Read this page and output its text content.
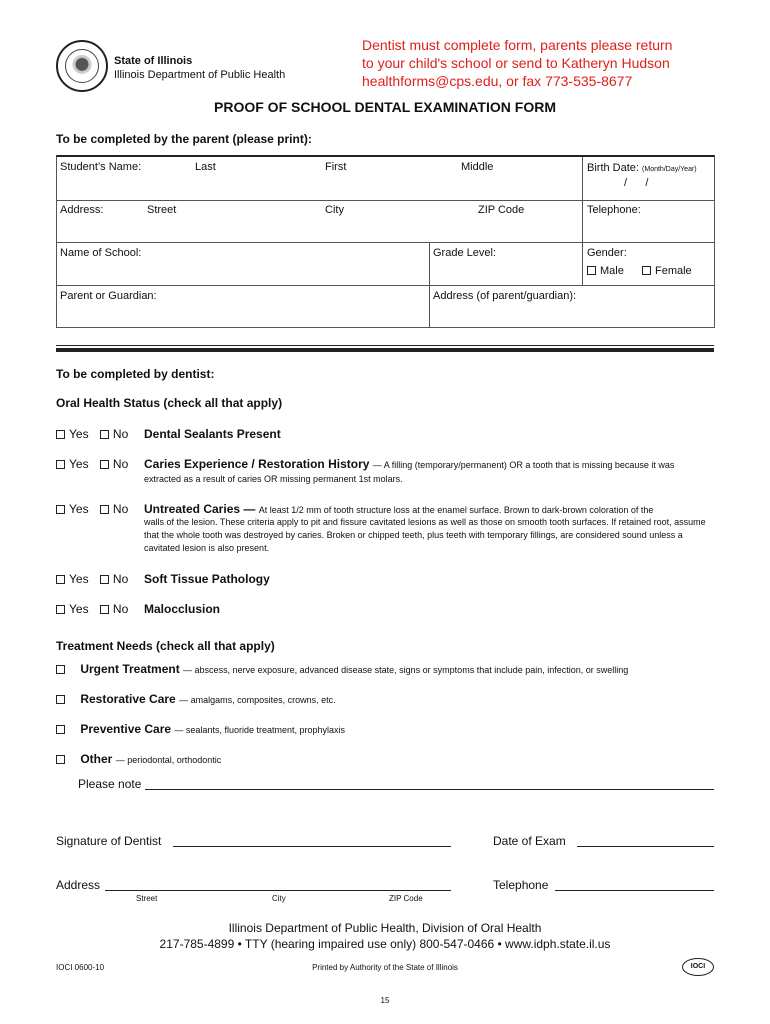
State of Illinois
Illinois Department of Public Health
Dentist must complete form, parents please return
to your child's school or send to Katheryn Hudson
healthforms@cps.edu, or fax 773-535-8677
PROOF OF SCHOOL DENTAL EXAMINATION FORM
To be completed by the parent (please print):
Student’s Name:	Last	First	Middle	Birth Date: (Month/Day/Year)
/      /
Address:	Street	City	ZIP Code	Telephone:
Name of School:	Grade Level:	Gender:
Male	Female
Parent or Guardian:	Address (of parent/guardian):
To be completed by dentist:
Oral Health Status (check all that apply)
Yes No Dental Sealants Present
Yes No Caries Experience / Restoration History — A filling (temporary/permanent) OR a tooth that is missing because it was
extracted as a result of caries OR missing permanent 1st molars.
Yes No Untreated Caries — At least 1/2 mm of tooth structure loss at the enamel surface. Brown to dark-brown coloration of the
walls of the lesion. These criteria apply to pit and fissure cavitated lesions as well as those on smooth tooth surfaces. If retained root, assume that the whole tooth was destroyed by caries. Broken or chipped teeth, plus teeth with temporary fillings, are considered sound unless a cavitated lesion is also present.
Yes No Soft Tissue Pathology
Yes No Malocclusion
Treatment Needs (check all that apply)
Urgent Treatment — abscess, nerve exposure, advanced disease state, signs or symptoms that include pain, infection, or swelling
Restorative Care — amalgams, composites, crowns, etc.
Preventive Care — sealants, fluoride treatment, prophylaxis
Other — periodontal, orthodontic
Please note
Signature of Dentist	Date of Exam
Address	Telephone
Street	City	ZIP Code
Illinois Department of Public Health, Division of Oral Health
217-785-4899 • TTY (hearing impaired use only) 800-547-0466 • www.idph.state.il.us
IOCI 0600-10	Printed by Authority of the State of Illinois	IOCI
15
